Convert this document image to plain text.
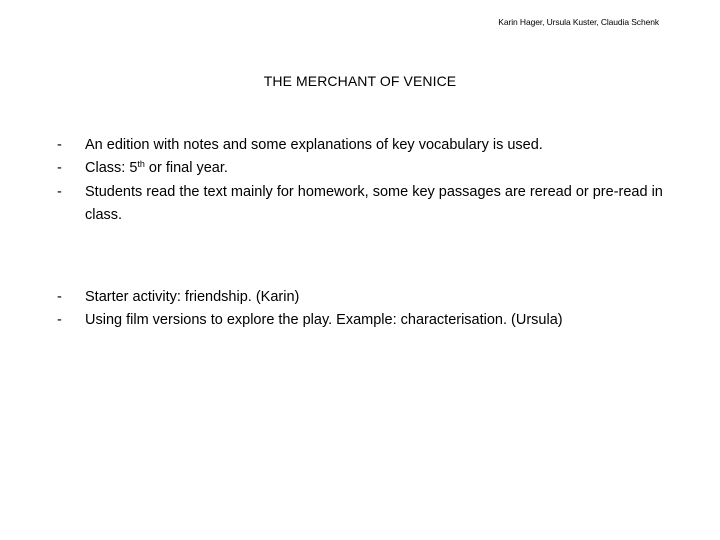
Karin Hager, Ursula Kuster, Claudia Schenk
THE MERCHANT OF VENICE
- An edition with notes and some explanations of key vocabulary is used.
- Class: 5th or final year.
- Students read the text mainly for homework, some key passages are reread or pre-read in class.
- Starter activity: friendship. (Karin)
- Using film versions to explore the play. Example: characterisation. (Ursula)
